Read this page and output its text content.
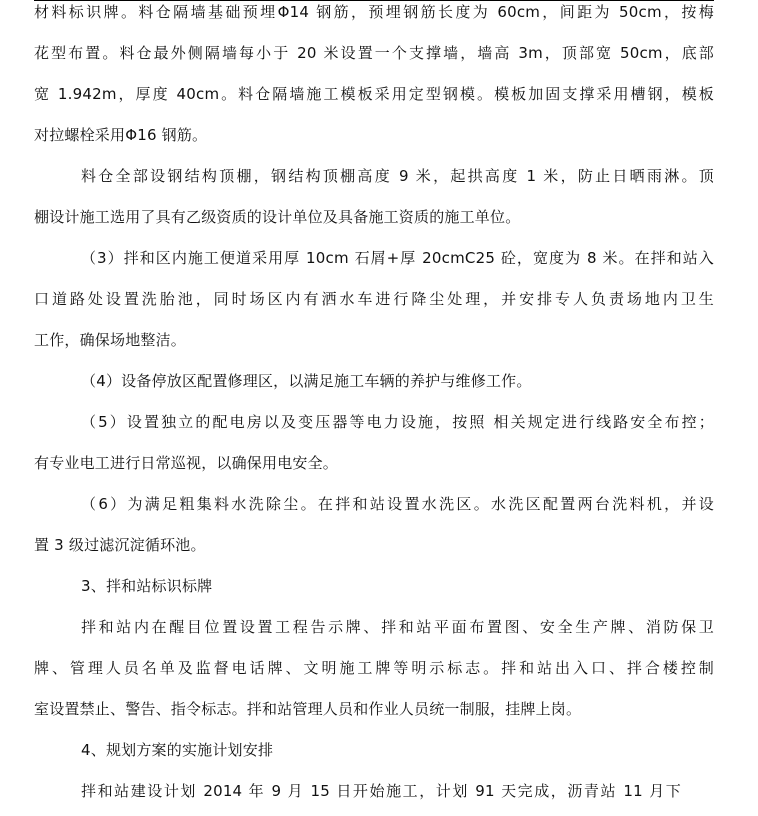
材料标识牌。料仓隔墙基础预埋Φ14 钢筋，预埋钢筋长度为 60cm，间距为 50cm，按梅
花型布置。料仓最外侧隔墙每小于 20 米设置一个支撑墙，墙高 3m，顶部宽 50cm，底部
宽 1.942m，厚度 40cm。料仓隔墙施工模板采用定型钢模。模板加固支撑采用槽钢，模板
对拉螺栓采用Φ16 钢筋。
料仓全部设钢结构顶棚，钢结构顶棚高度 9 米，起拱高度 1 米，防止日晒雨淋。顶
棚设计施工选用了具有乙级资质的设计单位及具备施工资质的施工单位。
（3）拌和区内施工便道采用厚 10cm 石屑+厚 20cmC25 砼，宽度为 8 米。在拌和站入
口道路处设置洗胎池，同时场区内有洒水车进行降尘处理，并安排专人负责场地内卫生
工作，确保场地整洁。
（4）设备停放区配置修理区，以满足施工车辆的养护与维修工作。
（5）设置独立的配电房以及变压器等电力设施，按照 相关规定进行线路安全布控；
有专业电工进行日常巡视，以确保用电安全。
（6）为满足粗集料水洗除尘。在拌和站设置水洗区。水洗区配置两台洗料机，并设
置 3 级过滤沉淀循环池。
3、拌和站标识标牌
拌和站内在醒目位置设置工程告示牌、拌和站平面布置图、安全生产牌、消防保卫
牌、管理人员名单及监督电话牌、文明施工牌等明示标志。拌和站出入口、拌合楼控制
室设置禁止、警告、指令标志。拌和站管理人员和作业人员统一制服，挂牌上岗。
4、规划方案的实施计划安排
拌和站建设计划 2014 年 9 月 15 日开始施工，计划 91 天完成，沥青站 11 月下
